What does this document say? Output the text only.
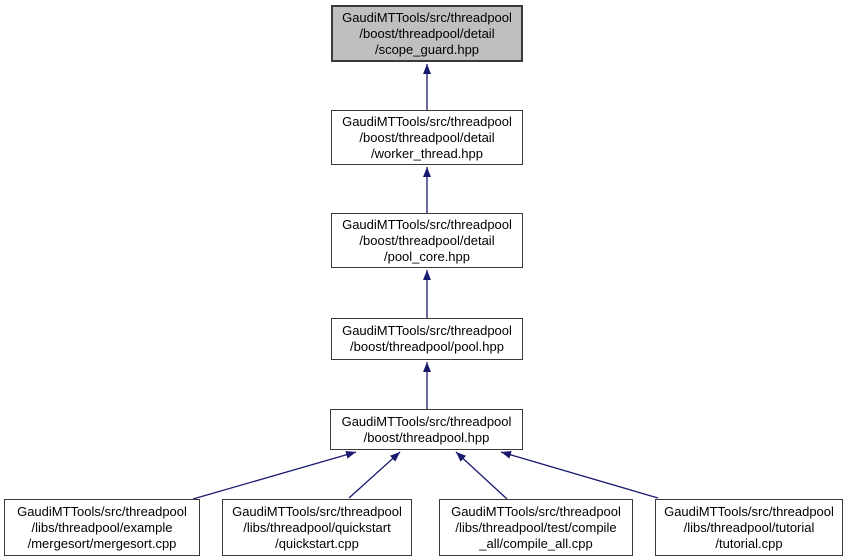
GaudiMTTools/src/threadpool
/boost/threadpool/detail
/scope_guard.hpp
GaudiMTTools/src/threadpool
/boost/threadpool/detail
/worker_thread.hpp
GaudiMTTools/src/threadpool
/boost/threadpool/detail
/pool_core.hpp
GaudiMTTools/src/threadpool
/boost/threadpool/pool.hpp
GaudiMTTools/src/threadpool
/boost/threadpool.hpp
GaudiMTTools/src/threadpool
/libs/threadpool/example
/mergesort/mergesort.cpp
GaudiMTTools/src/threadpool
/libs/threadpool/quickstart
/quickstart.cpp
GaudiMTTools/src/threadpool
/libs/threadpool/test/compile
_all/compile_all.cpp
GaudiMTTools/src/threadpool
/libs/threadpool/tutorial
/tutorial.cpp
